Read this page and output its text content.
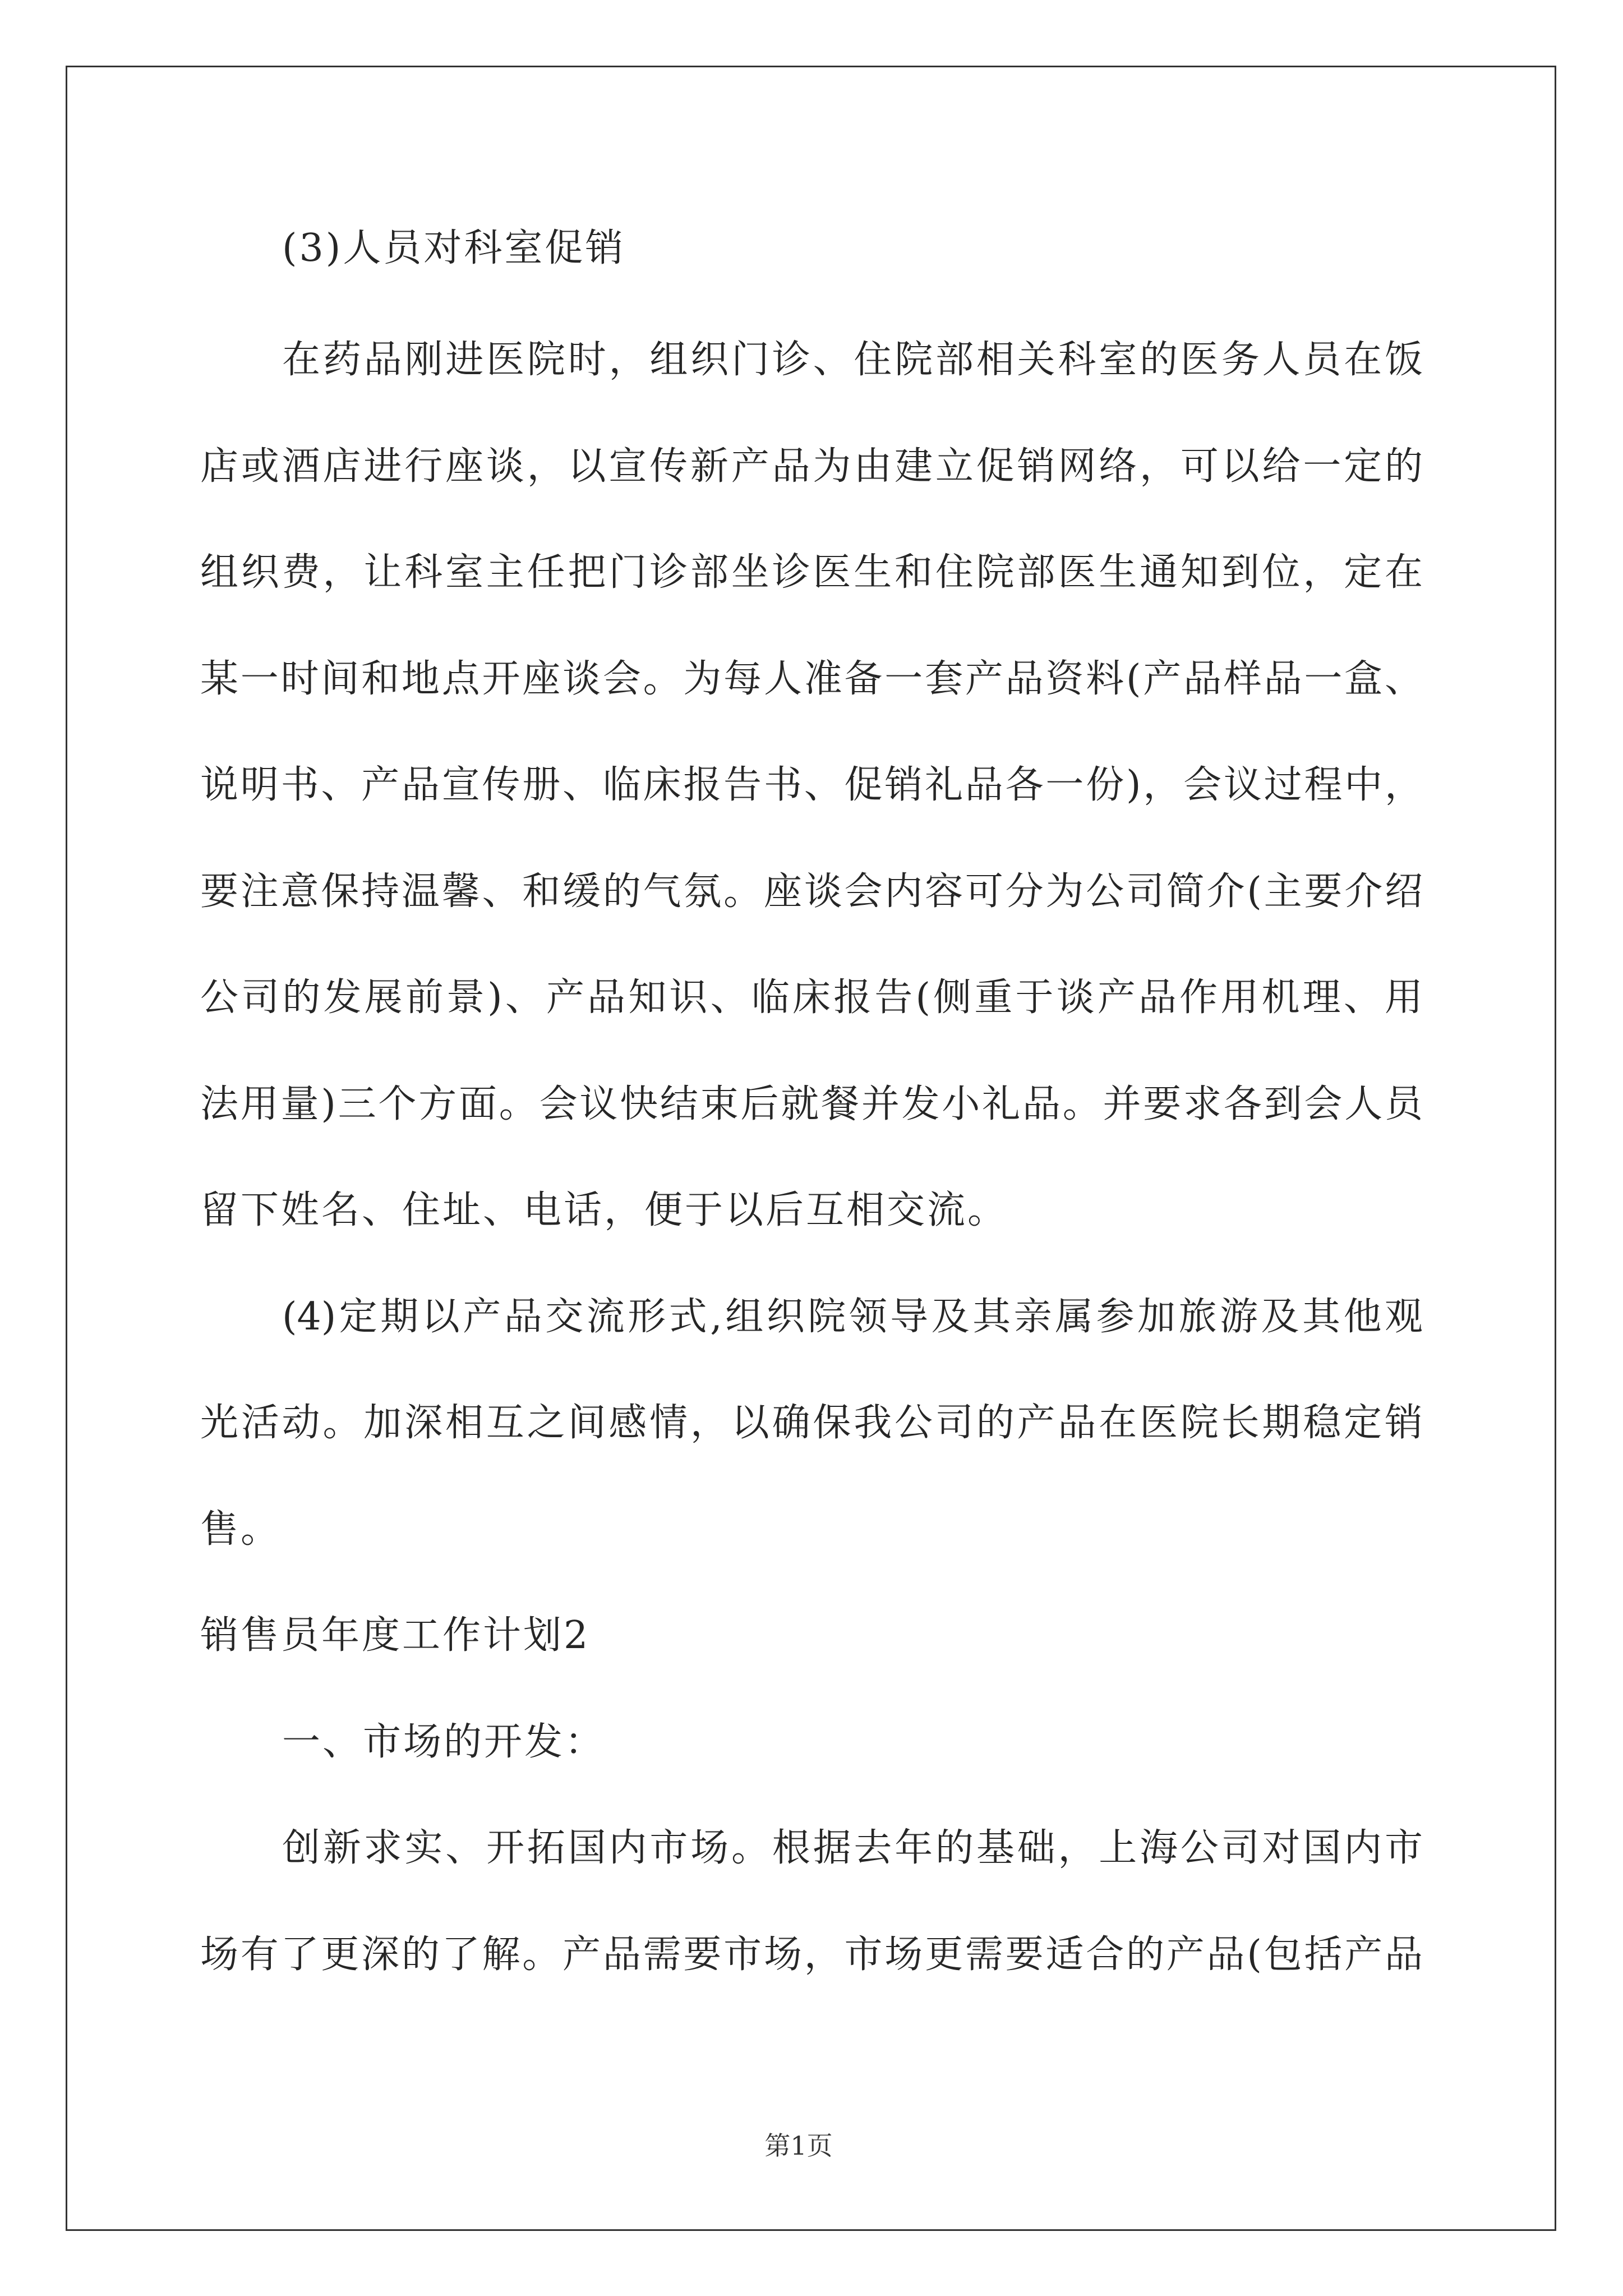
(3)人员对科室促销

在药品刚进医院时，组织门诊、住院部相关科室的医务人员在饭

店或酒店进行座谈，以宣传新产品为由建立促销网络，可以给一定的

组织费，让科室主任把门诊部坐诊医生和住院部医生通知到位，定在

某一时间和地点开座谈会。为每人准备一套产品资料(产品样品一盒、

说明书、产品宣传册、临床报告书、促销礼品各一份)，会议过程中，

要注意保持温馨、和缓的气氛。座谈会内容可分为公司简介(主要介绍

公司的发展前景)、产品知识、临床报告(侧重于谈产品作用机理、用

法用量)三个方面。会议快结束后就餐并发小礼品。并要求各到会人员

留下姓名、住址、电话，便于以后互相交流。

(4)定期以产品交流形式,组织院领导及其亲属参加旅游及其他观

光活动。加深相互之间感情，以确保我公司的产品在医院长期稳定销

售。

销售员年度工作计划2

一、市场的开发：

创新求实、开拓国内市场。根据去年的基础，上海公司对国内市

场有了更深的了解。产品需要市场，市场更需要适合的产品(包括产品

第1页
